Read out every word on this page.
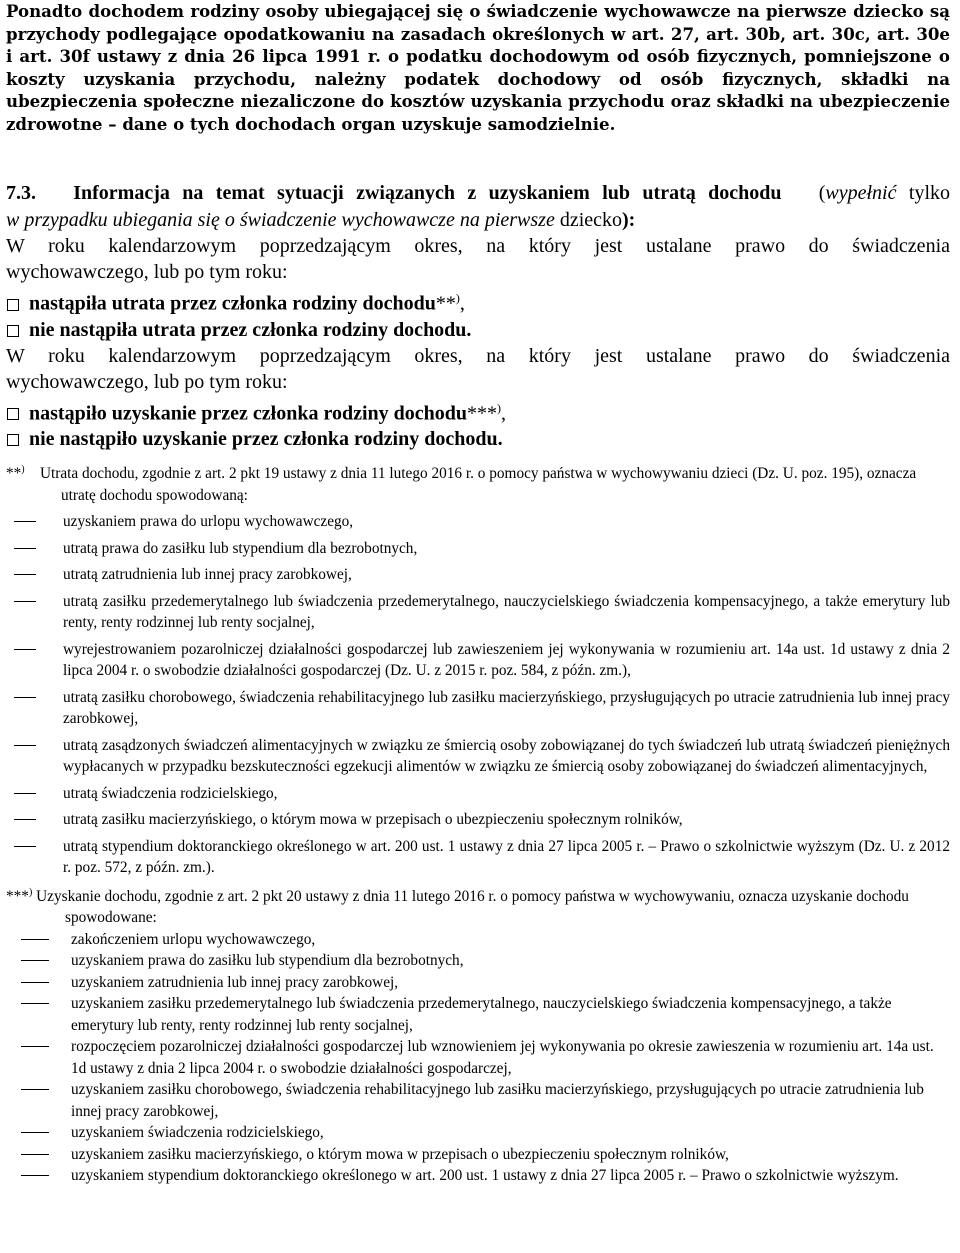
Ponadto dochodem rodziny osoby ubiegającej się o świadczenie wychowawcze na pierwsze dziecko są przychody podlegające opodatkowaniu na zasadach określonych w art. 27, art. 30b, art. 30c, art. 30e i art. 30f ustawy z dnia 26 lipca 1991 r. o podatku dochodowym od osób fizycznych, pomniejszone o koszty uzyskania przychodu, należny podatek dochodowy od osób fizycznych, składki na ubezpieczenia społeczne niezaliczone do kosztów uzyskania przychodu oraz składki na ubezpieczenie zdrowotne – dane o tych dochodach organ uzyskuje samodzielnie.

7.3. Informacja na temat sytuacji związanych z uzyskaniem lub utratą dochodu (wypełnić tylko

w przypadku ubiegania się o świadczenie wychowawcze na pierwsze dziecko):

W roku kalendarzowym poprzedzającym okres, na który jest ustalane prawo do świadczenia

wychowawczego, lub po tym roku:

nastąpiła utrata przez członka rodziny dochodu**),

nie nastąpiła utrata przez członka rodziny dochodu.

W roku kalendarzowym poprzedzającym okres, na który jest ustalane prawo do świadczenia

wychowawczego, lub po tym roku:

nastąpiło uzyskanie przez członka rodziny dochodu***),

nie nastąpiło uzyskanie przez członka rodziny dochodu.

**) Utrata dochodu, zgodnie z art. 2 pkt 19 ustawy z dnia 11 lutego 2016 r. o pomocy państwa w wychowywaniu dzieci (Dz. U. poz. 195), oznacza utratę dochodu spowodowaną:

uzyskaniem prawa do urlopu wychowawczego,
utratą prawa do zasiłku lub stypendium dla bezrobotnych,
utratą zatrudnienia lub innej pracy zarobkowej,
utratą zasiłku przedemerytalnego lub świadczenia przedemerytalnego, nauczycielskiego świadczenia kompensacyjnego, a także emerytury lub renty, renty rodzinnej lub renty socjalnej,
wyrejestrowaniem pozarolniczej działalności gospodarczej lub zawieszeniem jej wykonywania w rozumieniu art. 14a ust. 1d ustawy z dnia 2 lipca 2004 r. o swobodzie działalności gospodarczej (Dz. U. z 2015 r. poz. 584, z późn. zm.),
utratą zasiłku chorobowego, świadczenia rehabilitacyjnego lub zasiłku macierzyńskiego, przysługujących po utracie zatrudnienia lub innej pracy zarobkowej,
utratą zasądzonych świadczeń alimentacyjnych w związku ze śmiercią osoby zobowiązanej do tych świadczeń lub utratą świadczeń pieniężnych wypłacanych w przypadku bezskuteczności egzekucji alimentów w związku ze śmiercią osoby zobowiązanej do świadczeń alimentacyjnych,
utratą świadczenia rodzicielskiego,
utratą zasiłku macierzyńskiego, o którym mowa w przepisach o ubezpieczeniu społecznym rolników,
utratą stypendium doktoranckiego określonego w art. 200 ust. 1 ustawy z dnia 27 lipca 2005 r. – Prawo o szkolnictwie wyższym (Dz. U. z 2012 r. poz. 572, z późn. zm.).

***) Uzyskanie dochodu, zgodnie z art. 2 pkt 20 ustawy z dnia 11 lutego 2016 r. o pomocy państwa w wychowywaniu, oznacza uzyskanie dochodu spowodowane:

zakończeniem urlopu wychowawczego,
uzyskaniem prawa do zasiłku lub stypendium dla bezrobotnych,
uzyskaniem zatrudnienia lub innej pracy zarobkowej,
uzyskaniem zasiłku przedemerytalnego lub świadczenia przedemerytalnego, nauczycielskiego świadczenia kompensacyjnego, a także emerytury lub renty, renty rodzinnej lub renty socjalnej,
rozpoczęciem pozarolniczej działalności gospodarczej lub wznowieniem jej wykonywania po okresie zawieszenia w rozumieniu art. 14a ust. 1d ustawy z dnia 2 lipca 2004 r. o swobodzie działalności gospodarczej,
uzyskaniem zasiłku chorobowego, świadczenia rehabilitacyjnego lub zasiłku macierzyńskiego, przysługujących po utracie zatrudnienia lub innej pracy zarobkowej,
uzyskaniem świadczenia rodzicielskiego,
uzyskaniem zasiłku macierzyńskiego, o którym mowa w przepisach o ubezpieczeniu społecznym rolników,
uzyskaniem stypendium doktoranckiego określonego w art. 200 ust. 1 ustawy z dnia 27 lipca 2005 r. – Prawo o szkolnictwie wyższym.
